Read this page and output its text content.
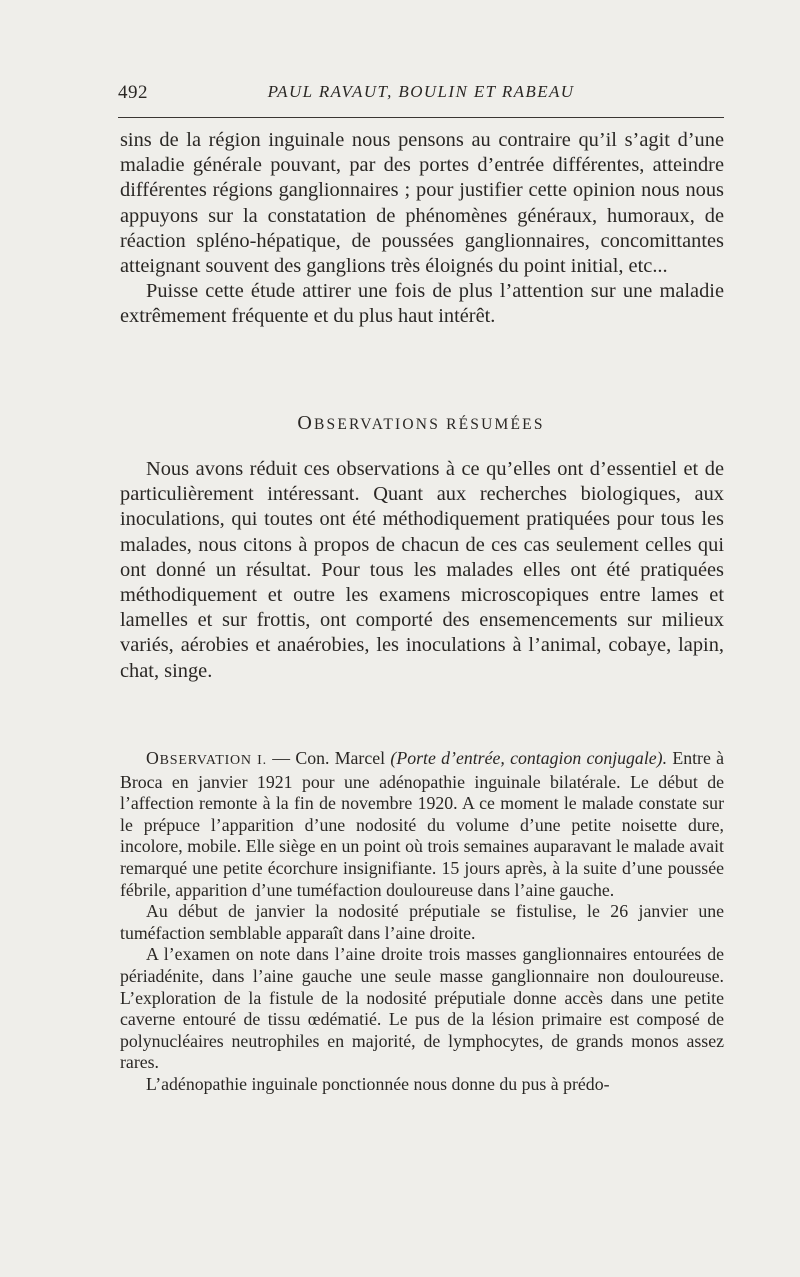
492	PAUL RAVAUT, BOULIN ET RABEAU

sins de la région inguinale nous pensons au contraire qu’il s’agit d’une maladie générale pouvant, par des portes d’entrée différentes, atteindre différentes régions ganglionnaires ; pour justifier cette opinion nous nous appuyons sur la constatation de phénomènes généraux, humoraux, de réaction spléno-hépatique, de poussées ganglionnaires, concomittantes atteignant souvent des ganglions très éloignés du point initial, etc...

Puisse cette étude attirer une fois de plus l’attention sur une maladie extrêmement fréquente et du plus haut intérêt.

OBSERVATIONS RÉSUMÉES

Nous avons réduit ces observations à ce qu’elles ont d’essentiel et de particulièrement intéressant. Quant aux recherches biologiques, aux inoculations, qui toutes ont été méthodiquement pratiquées pour tous les malades, nous citons à propos de chacun de ces cas seulement celles qui ont donné un résultat. Pour tous les malades elles ont été pratiquées méthodiquement et outre les examens microscopiques entre lames et lamelles et sur frottis, ont comporté des ensemencements sur milieux variés, aérobies et anaérobies, les inoculations à l’animal, cobaye, lapin, chat, singe.

OBSERVATION I. — Con. Marcel (Porte d’entrée, contagion conjugale). Entre à Broca en janvier 1921 pour une adénopathie inguinale bilatérale. Le début de l’affection remonte à la fin de novembre 1920. A ce moment le malade constate sur le prépuce l’apparition d’une nodosité du volume d’une petite noisette dure, incolore, mobile. Elle siège en un point où trois semaines auparavant le malade avait remarqué une petite écorchure insignifiante. 15 jours après, à la suite d’une poussée fébrile, apparition d’une tuméfaction douloureuse dans l’aine gauche.

Au début de janvier la nodosité préputiale se fistulise, le 26 janvier une tuméfaction semblable apparaît dans l’aine droite.

A l’examen on note dans l’aine droite trois masses ganglionnaires entourées de périadénite, dans l’aine gauche une seule masse ganglionnaire non douloureuse. L’exploration de la fistule de la nodosité préputiale donne accès dans une petite caverne entouré de tissu œdématié. Le pus de la lésion primaire est composé de polynucléaires neutrophiles en majorité, de lymphocytes, de grands monos assez rares.

L’adénopathie inguinale ponctionnée nous donne du pus à prédo-
